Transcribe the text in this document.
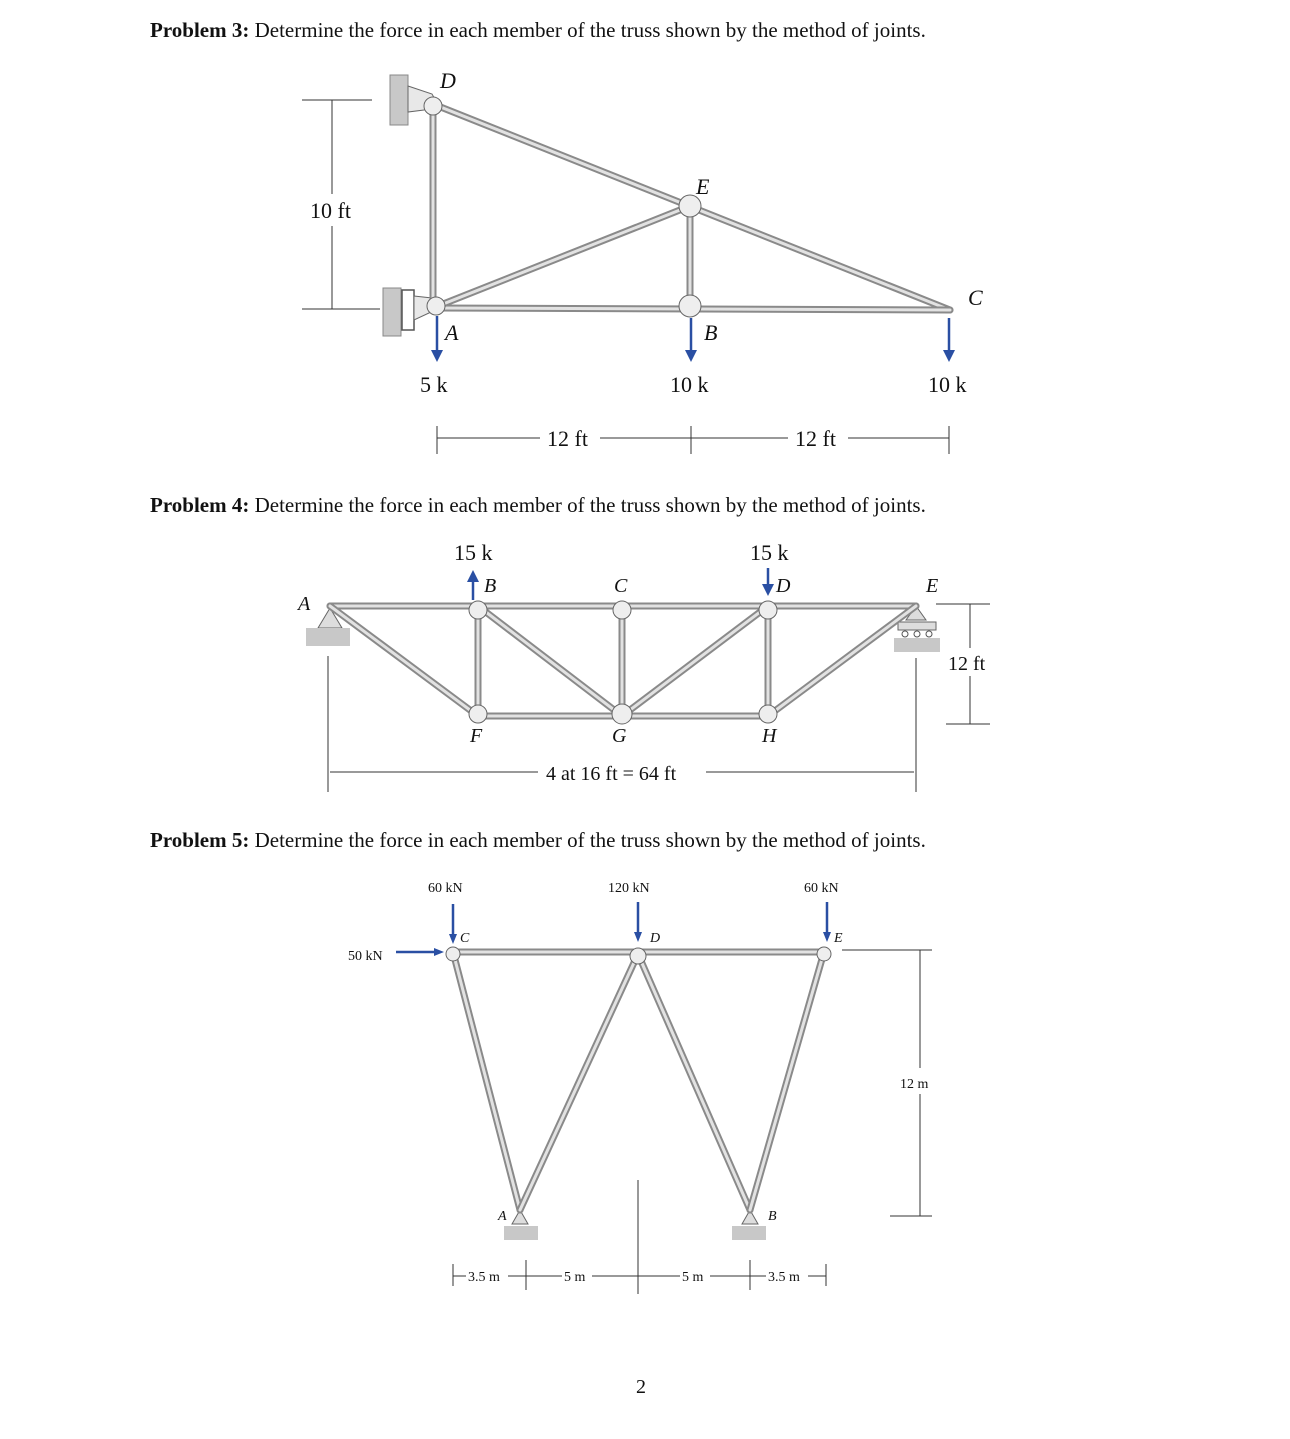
Problem 3: Determine the force in each member of the truss shown by the method of joints.
D
E
C
A	B
5 k	10 k	10 k
10 ft
12 ft	12 ft
Problem 4: Determine the force in each member of the truss shown by the method of joints.
A
B	C	D	E
F	G	H
15 k	15 k
12 ft
4 at 16 ft = 64 ft
Problem 5: Determine the force in each member of the truss shown by the method of joints.
C	D	E
A	B
60 kN	120 kN	60 kN
50 kN
12 m
3.5 m	5 m	5 m	3.5 m
2
